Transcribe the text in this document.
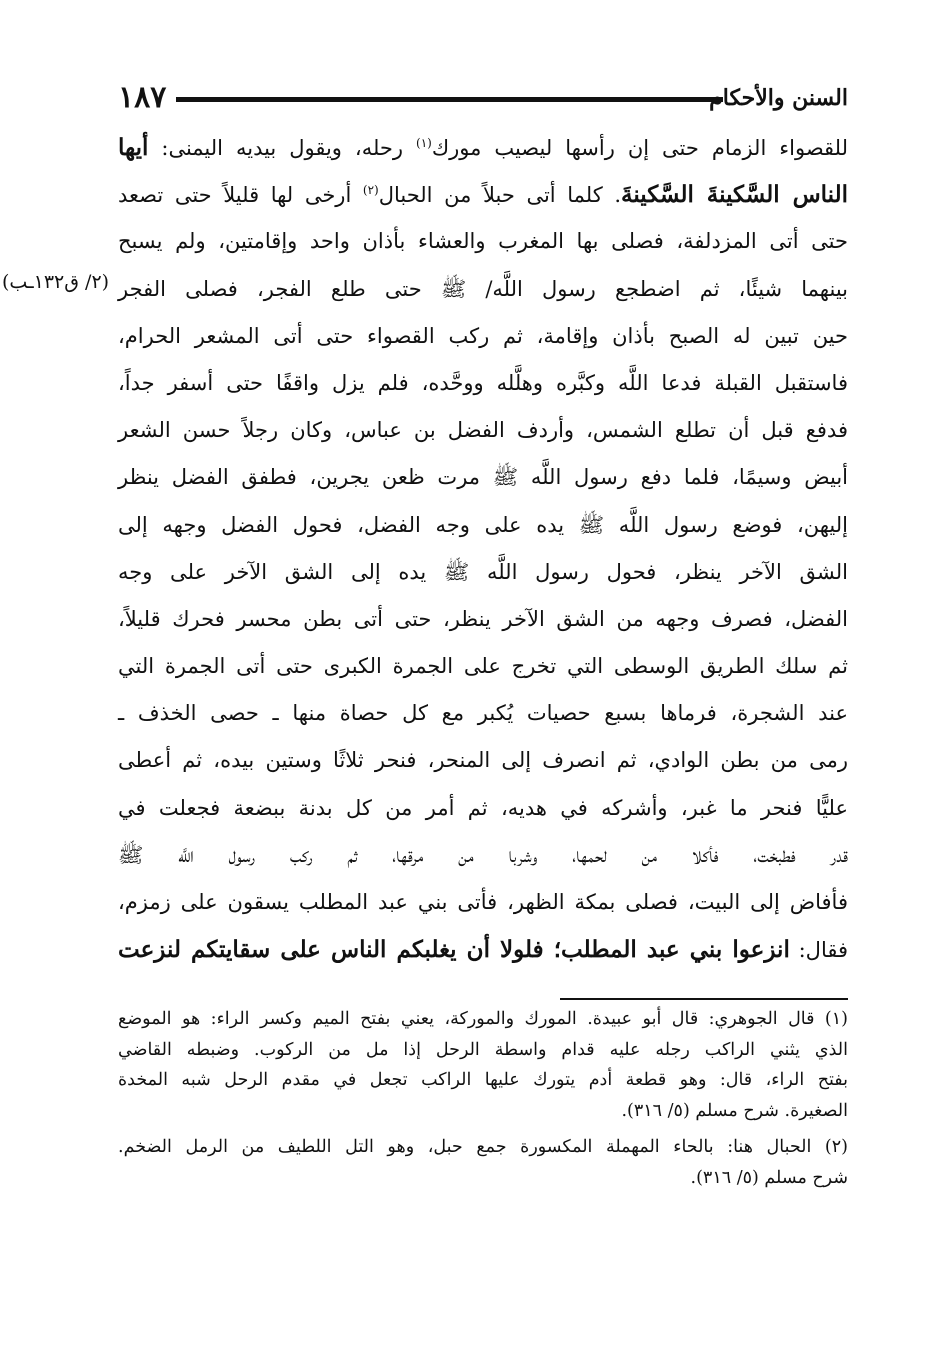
١٨٧	السنن والأحكام
(٢/ ق١٣٢ـب)
للقصواء الزمام حتى إن رأسها ليصيب مورك$^{(١)}$ رحله، ويقول بيديه اليمنى: أيها
الناس السَّكينةَ السَّكينةَ. كلما أتى حبلاً من الحبال$^{(٢)}$ أرخى لها قليلاً حتى تصعد
حتى أتى المزدلفة، فصلى بها المغرب والعشاء بأذان واحد وإقامتين، ولم يسبح
بينهما شيئًا، ثم اضطجع رسول اللَّه/ ﷺ حتى طلع الفجر، فصلى الفجر
حين تبين له الصبح بأذان وإقامة، ثم ركب القصواء حتى أتى المشعر الحرام،
فاستقبل القبلة فدعا اللَّه وكبَّره وهلَّله ووحَّده، فلم يزل واقفًا حتى أسفر جداً،
فدفع قبل أن تطلع الشمس، وأردف الفضل بن عباس، وكان رجلاً حسن الشعر
أبيض وسيمًا، فلما دفع رسول اللَّه ﷺ مرت ظعن يجرين، فطفق الفضل ينظر
إليهن، فوضع رسول اللَّه ﷺ يده على وجه الفضل، فحول الفضل وجهه إلى
الشق الآخر ينظر، فحول رسول اللَّه ﷺ يده إلى الشق الآخر على وجه
الفضل، فصرف وجهه من الشق الآخر ينظر، حتى أتى بطن محسر فحرك قليلاً،
ثم سلك الطريق الوسطى التي تخرج على الجمرة الكبرى حتى أتى الجمرة التي
عند الشجرة، فرماها بسبع حصيات يُكبر مع كل حصاة منها ـ حصى الخذف ـ
رمى من بطن الوادي، ثم انصرف إلى المنحر، فنحر ثلاثًا وستين بيده، ثم أعطى
عليًّا فنحر ما غبر، وأشركه في هديه، ثم أمر من كل بدنة ببضعة فجعلت في
قدر فطبخت، فأكلا من لحمها، وشربا من مرقها، ثم ركب رسول اللَّه ﷺ
فأفاض إلى البيت، فصلى بمكة الظهر، فأتى بني عبد المطلب يسقون على زمزم،
فقال: انزعوا بني عبد المطلب؛ فلولا أن يغلبكم الناس على سقايتكم لنزعت
(١) قال الجوهري: قال أبو عبيدة. المورك والموركة، يعني بفتح الميم وكسر الراء: هو الموضع
الذي يثني الراكب رجله عليه قدام واسطة الرحل إذا مل من الركوب. وضبطه القاضي
بفتح الراء، قال: وهو قطعة أدم يتورك عليها الراكب تجعل في مقدم الرحل شبه المخدة
الصغيرة. شرح مسلم (٥/ ٣١٦).
(٢) الحبال هنا: بالحاء المهملة المكسورة جمع حبل، وهو التل اللطيف من الرمل الضخم.
شرح مسلم (٥/ ٣١٦).
